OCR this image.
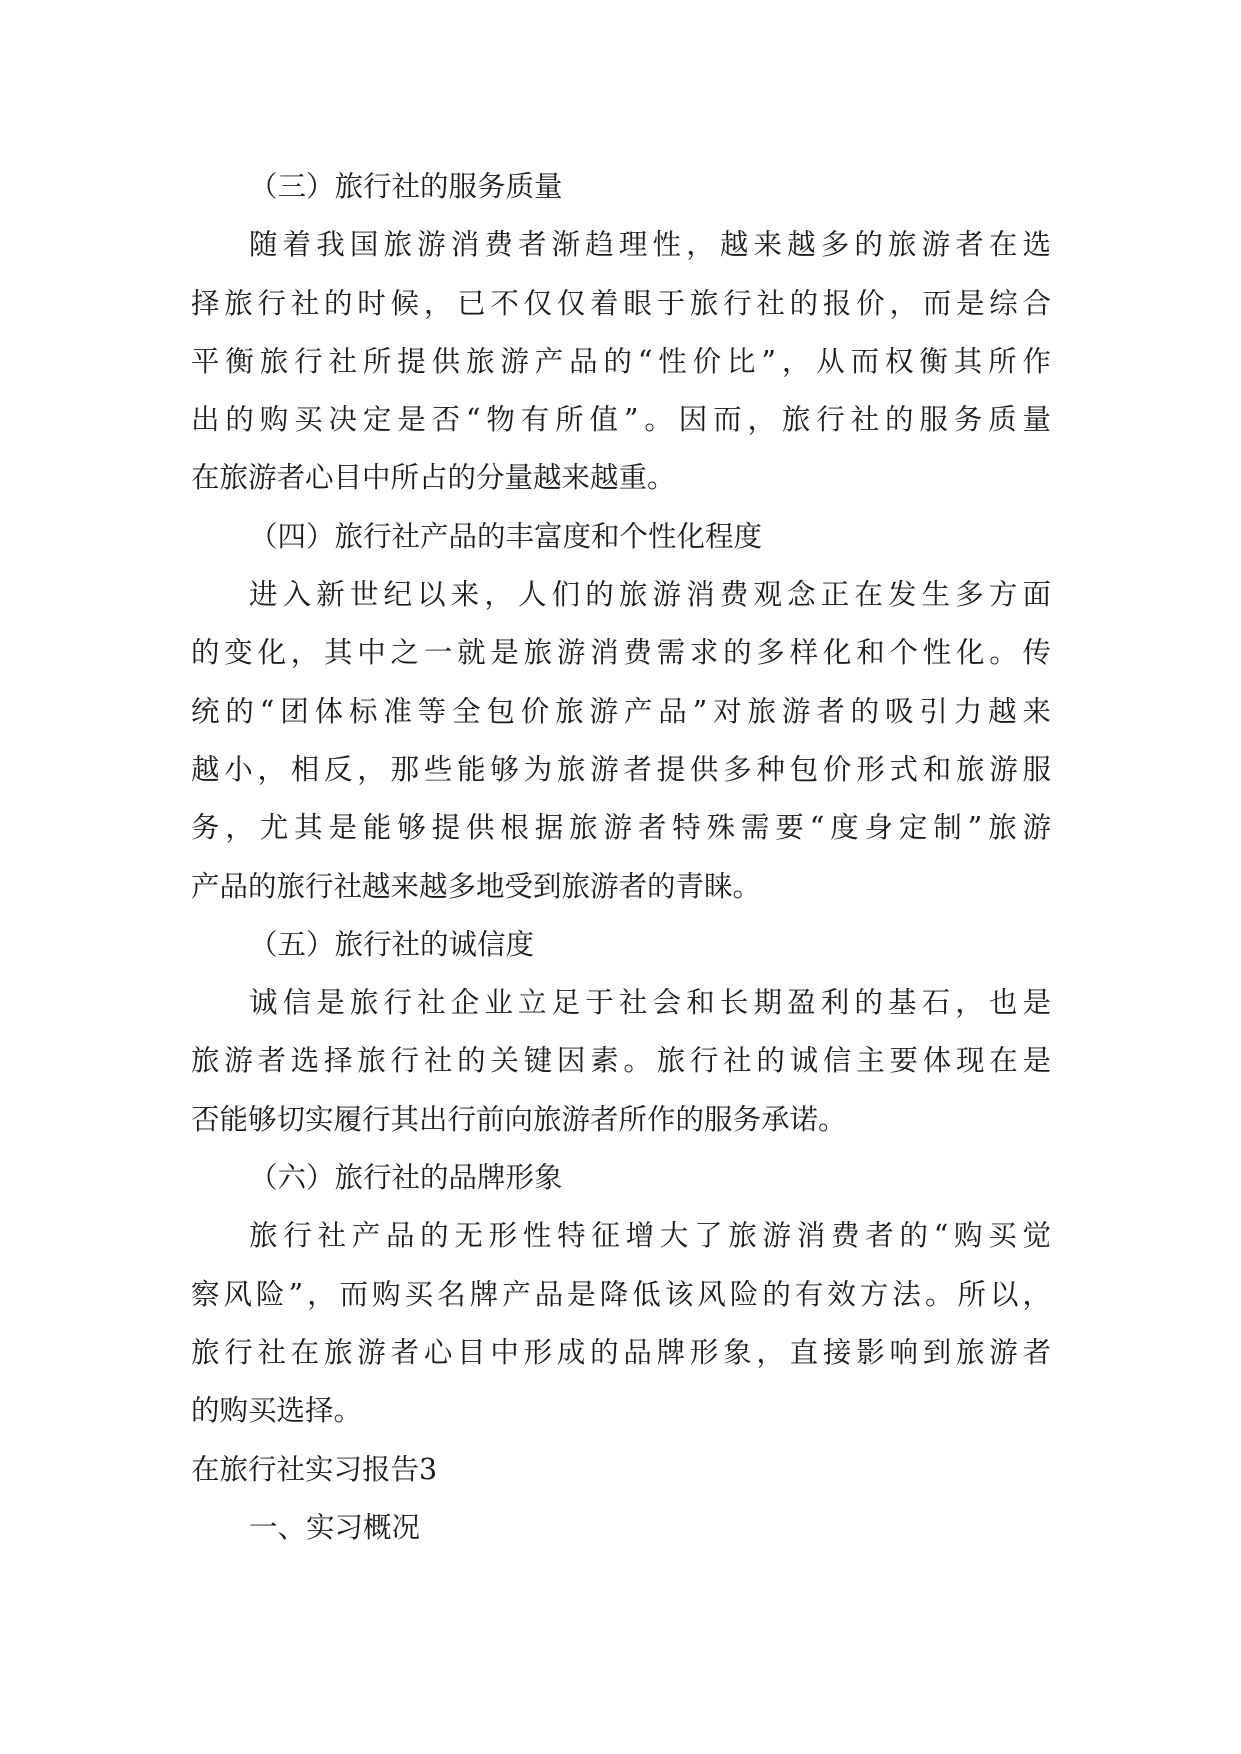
（三）旅行社的服务质量
随着我国旅游消费者渐趋理性，越来越多的旅游者在选
择旅行社的时候，已不仅仅着眼于旅行社的报价，而是综合
平衡旅行社所提供旅游产品的“性价比”，从而权衡其所作
出的购买决定是否“物有所值”。因而，旅行社的服务质量
在旅游者心目中所占的分量越来越重。
（四）旅行社产品的丰富度和个性化程度
进入新世纪以来，人们的旅游消费观念正在发生多方面
的变化，其中之一就是旅游消费需求的多样化和个性化。传
统的“团体标准等全包价旅游产品”对旅游者的吸引力越来
越小，相反，那些能够为旅游者提供多种包价形式和旅游服
务，尤其是能够提供根据旅游者特殊需要“度身定制”旅游
产品的旅行社越来越多地受到旅游者的青睐。
（五）旅行社的诚信度
诚信是旅行社企业立足于社会和长期盈利的基石，也是
旅游者选择旅行社的关键因素。旅行社的诚信主要体现在是
否能够切实履行其出行前向旅游者所作的服务承诺。
（六）旅行社的品牌形象
旅行社产品的无形性特征增大了旅游消费者的“购买觉
察风险”，而购买名牌产品是降低该风险的有效方法。所以，
旅行社在旅游者心目中形成的品牌形象，直接影响到旅游者
的购买选择。
在旅行社实习报告3
一、实习概况
